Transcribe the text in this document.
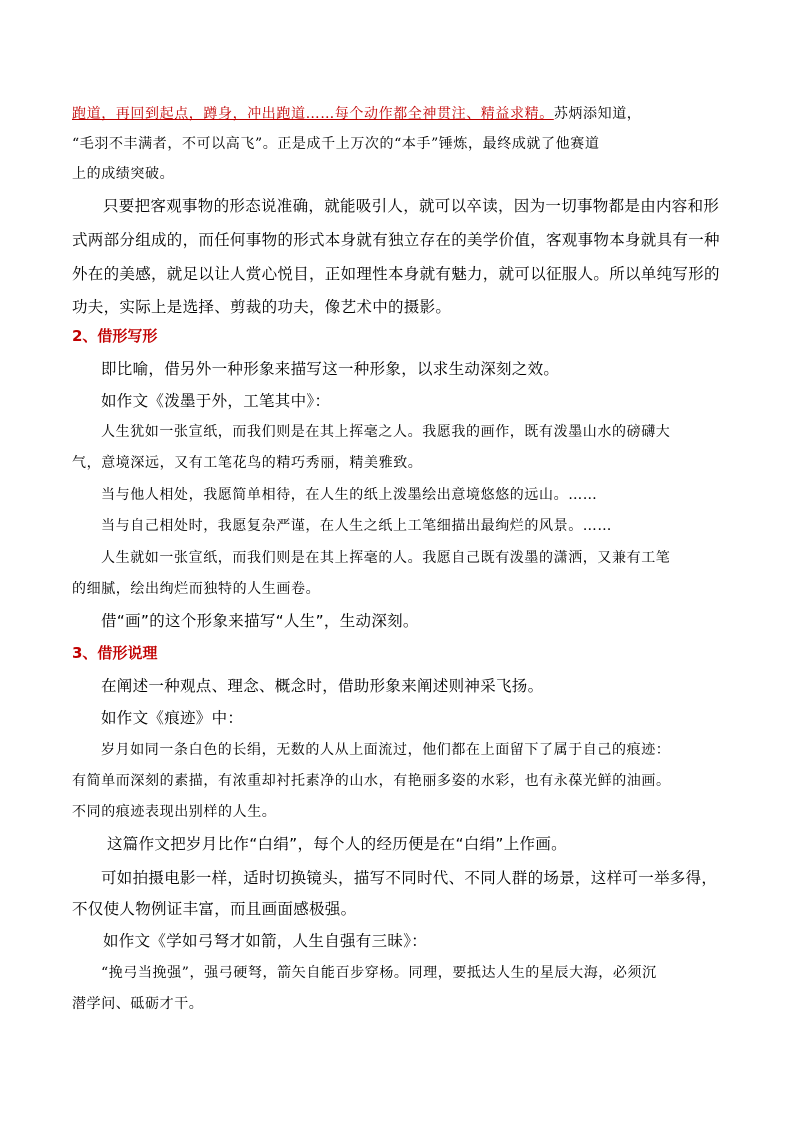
跑道，再回到起点，蹲身，冲出跑道……每个动作都全神贯注、精益求精。苏炳添知道，
“毛羽不丰满者，不可以高飞”。正是成千上万次的“本手”锤炼，最终成就了他赛道
上的成绩突破。
只要把客观事物的形态说准确，就能吸引人，就可以卒读，因为一切事物都是由内容和形
式两部分组成的，而任何事物的形式本身就有独立存在的美学价值，客观事物本身就具有一种
外在的美感，就足以让人赏心悦目，正如理性本身就有魅力，就可以征服人。所以单纯写形的
功夫，实际上是选择、剪裁的功夫，像艺术中的摄影。
2、借形写形
即比喻，借另外一种形象来描写这一种形象，以求生动深刻之效。
如作文《泼墨于外，工笔其中》：
人生犹如一张宣纸，而我们则是在其上挥毫之人。我愿我的画作，既有泼墨山水的磅礴大
气，意境深远，又有工笔花鸟的精巧秀丽，精美雅致。
当与他人相处，我愿简单相待，在人生的纸上泼墨绘出意境悠悠的远山。……
当与自己相处时，我愿复杂严谨，在人生之纸上工笔细描出最绚烂的风景。……
人生就如一张宣纸，而我们则是在其上挥毫的人。我愿自己既有泼墨的潇洒，又兼有工笔
的细腻，绘出绚烂而独特的人生画卷。
借“画”的这个形象来描写“人生”，生动深刻。
3、借形说理
在阐述一种观点、理念、概念时，借助形象来阐述则神采飞扬。
如作文《痕迹》中：
岁月如同一条白色的长绢，无数的人从上面流过，他们都在上面留下了属于自己的痕迹：
有简单而深刻的素描，有浓重却衬托素净的山水，有艳丽多姿的水彩，也有永葆光鲜的油画。
不同的痕迹表现出别样的人生。
这篇作文把岁月比作“白绢”，每个人的经历便是在“白绢”上作画。
可如拍摄电影一样，适时切换镜头，描写不同时代、不同人群的场景，这样可一举多得，
不仅使人物例证丰富，而且画面感极强。
如作文《学如弓弩才如箭，人生自强有三昧》：
“挽弓当挽强”，强弓硬弩，箭矢自能百步穿杨。同理，要抵达人生的星辰大海，必须沉
潜学问、砥砺才干。
